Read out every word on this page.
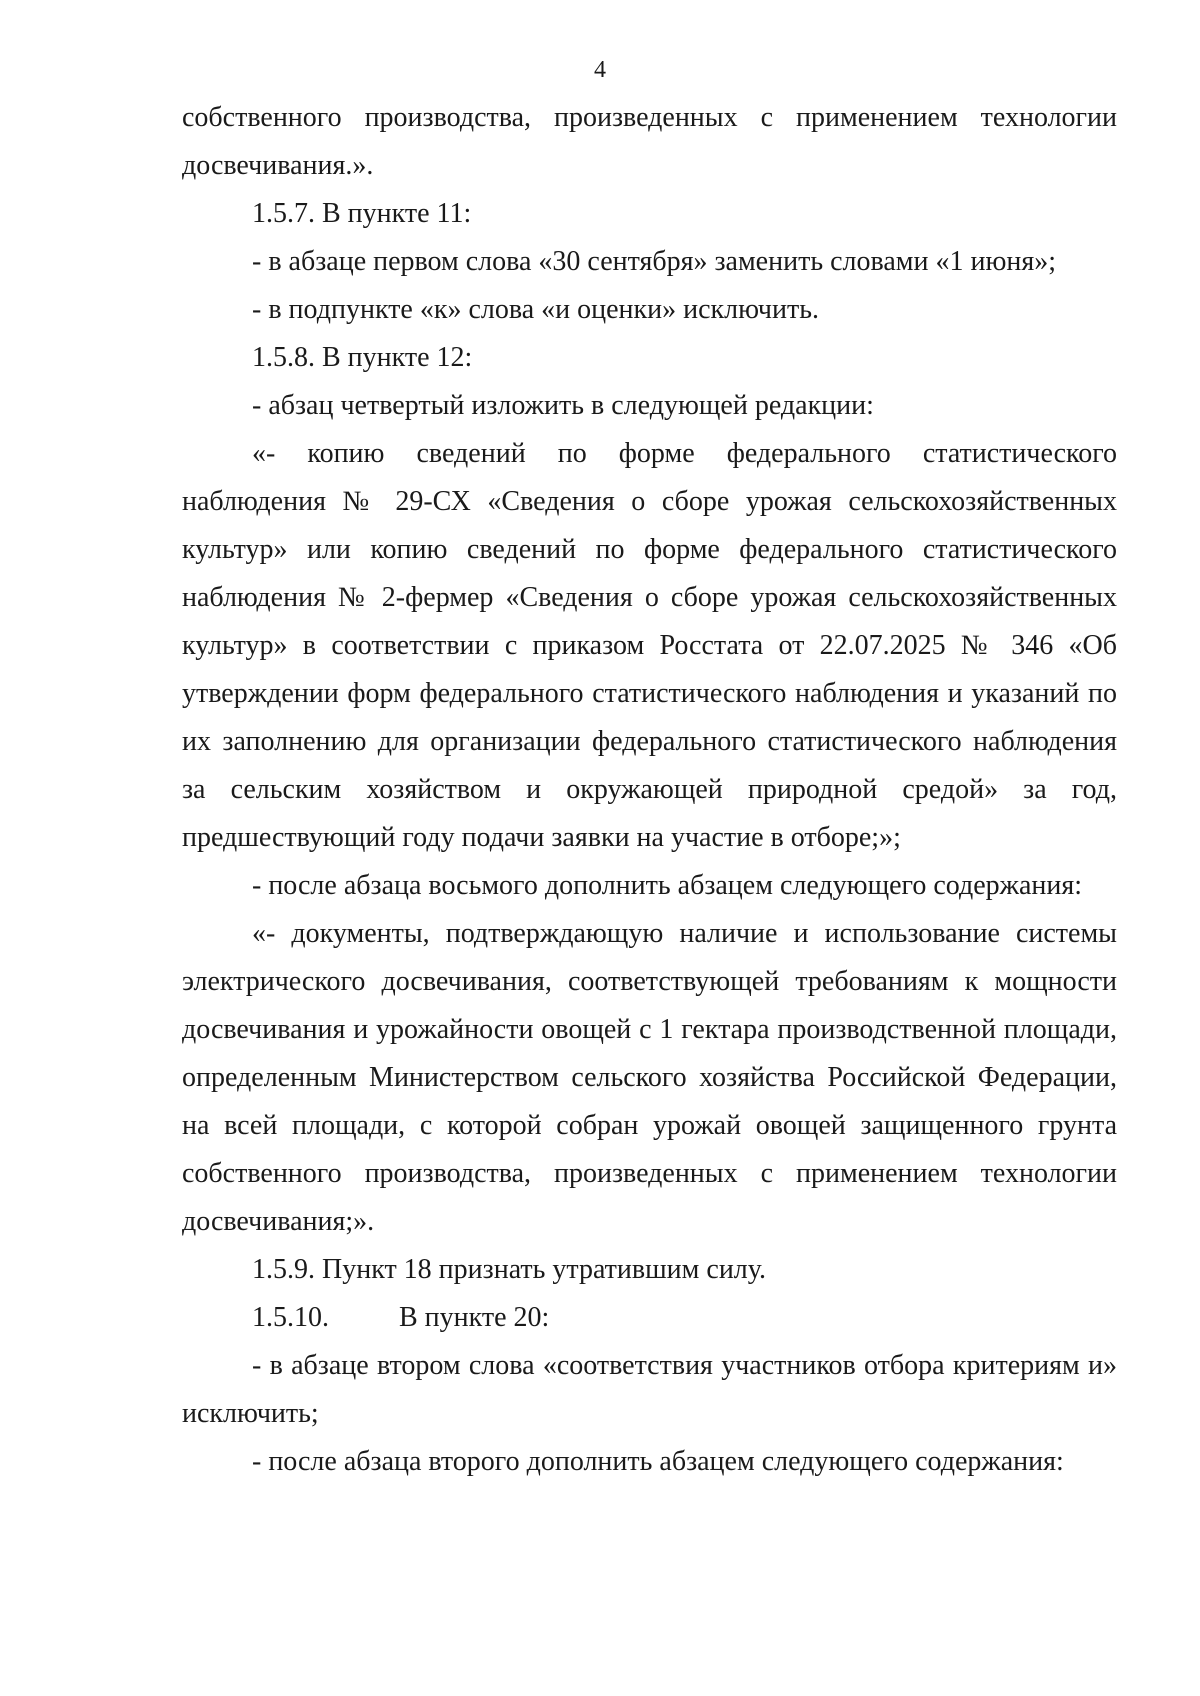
4

собственного производства, произведенных с применением технологии досвечивания.».

1.5.7. В пункте 11:

- в абзаце первом слова «30 сентября» заменить словами «1 июня»;

- в подпункте «к» слова «и оценки» исключить.

1.5.8. В пункте 12:

- абзац четвертый изложить в следующей редакции:

«- копию сведений по форме федерального статистического наблюдения № 29-СХ «Сведения о сборе урожая сельскохозяйственных культур» или копию сведений по форме федерального статистического наблюдения № 2-фермер «Сведения о сборе урожая сельскохозяйственных культур» в соответствии с приказом Росстата от 22.07.2025 № 346 «Об утверждении форм федерального статистического наблюдения и указаний по их заполнению для организации федерального статистического наблюдения за сельским хозяйством и окружающей природной средой» за год, предшествующий году подачи заявки на участие в отборе;»;

- после абзаца восьмого дополнить абзацем следующего содержания:

«- документы, подтверждающую наличие и использование системы электрического досвечивания, соответствующей требованиям к мощности досвечивания и урожайности овощей с 1 гектара производственной площади, определенным Министерством сельского хозяйства Российской Федерации, на всей площади, с которой собран урожай овощей защищенного грунта собственного производства, произведенных с применением технологии досвечивания;».

1.5.9. Пункт 18 признать утратившим силу.

1.5.10.	В пункте 20:

- в абзаце втором слова «соответствия участников отбора критериям и» исключить;

- после абзаца второго дополнить абзацем следующего содержания:
